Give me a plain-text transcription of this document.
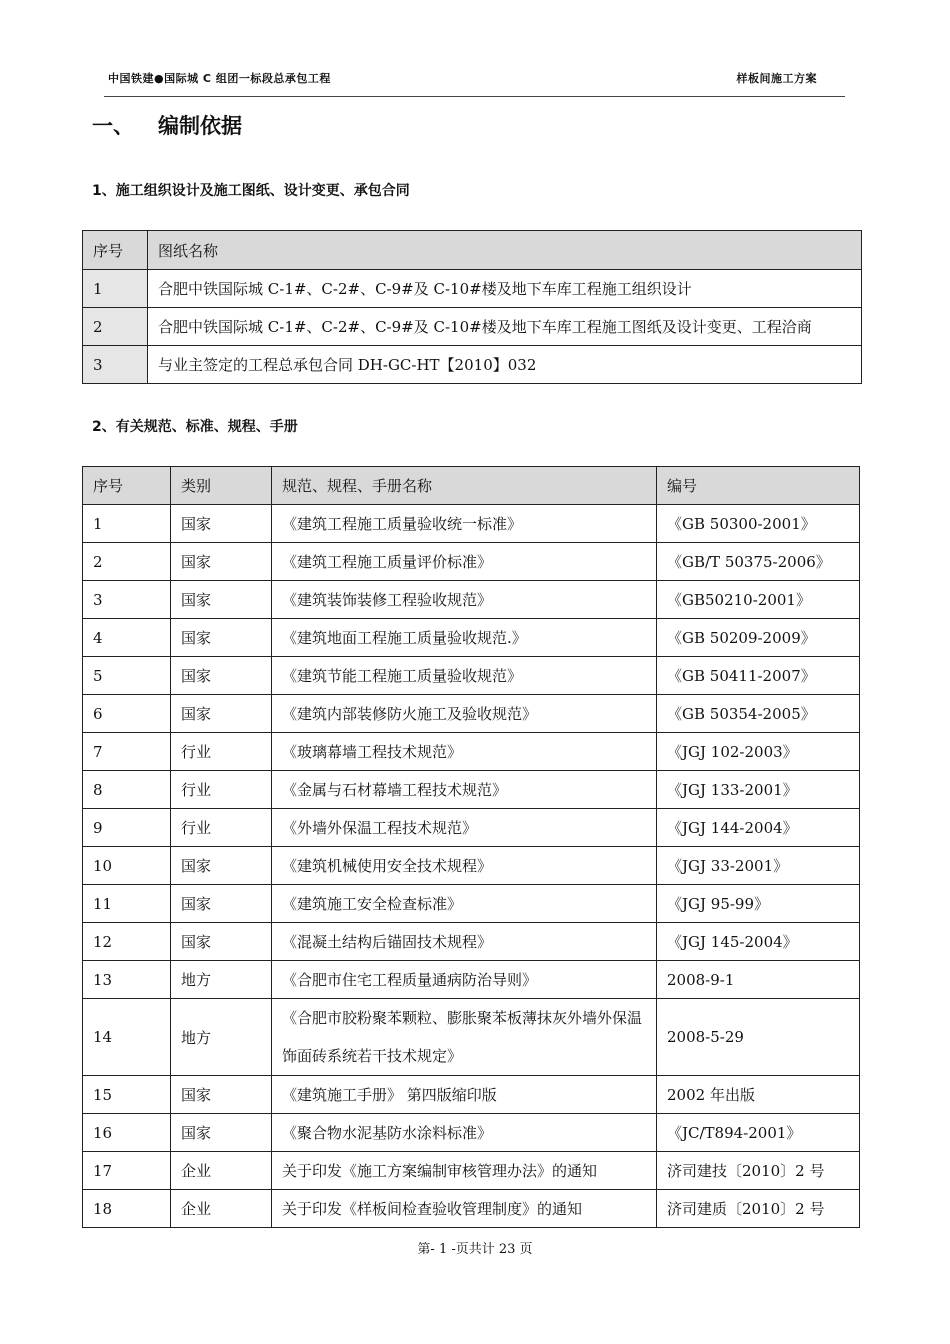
中国铁建●国际城 C 组团一标段总承包工程	样板间施工方案
一、 编制依据
1、施工组织设计及施工图纸、设计变更、承包合同
序号	图纸名称
1	合肥中铁国际城 C-1#、C-2#、C-9#及 C-10#楼及地下车库工程施工组织设计
2	合肥中铁国际城 C-1#、C-2#、C-9#及 C-10#楼及地下车库工程施工图纸及设计变更、工程洽商
3	与业主签定的工程总承包合同 DH-GC-HT【2010】032
2、有关规范、标准、规程、手册
序号	类别	规范、规程、手册名称	编号
1	国家	《建筑工程施工质量验收统一标准》	《GB 50300-2001》
2	国家	《建筑工程施工质量评价标准》	《GB/T 50375-2006》
3	国家	《建筑装饰装修工程验收规范》	《GB50210-2001》
4	国家	《建筑地面工程施工质量验收规范.》	《GB 50209-2009》
5	国家	《建筑节能工程施工质量验收规范》	《GB 50411-2007》
6	国家	《建筑内部装修防火施工及验收规范》	《GB 50354-2005》
7	行业	《玻璃幕墙工程技术规范》	《JGJ 102-2003》
8	行业	《金属与石材幕墙工程技术规范》	《JGJ 133-2001》
9	行业	《外墙外保温工程技术规范》	《JGJ 144-2004》
10	国家	《建筑机械使用安全技术规程》	《JGJ 33-2001》
11	国家	《建筑施工安全检查标准》	《JGJ 95-99》
12	国家	《混凝土结构后锚固技术规程》	《JGJ 145-2004》
13	地方	《合肥市住宅工程质量通病防治导则》	2008-9-1
14	地方	《合肥市胶粉聚苯颗粒、膨胀聚苯板薄抹灰外墙外保温饰面砖系统若干技术规定》	2008-5-29
15	国家	《建筑施工手册》 第四版缩印版	2002 年出版
16	国家	《聚合物水泥基防水涂料标准》	《JC/T894-2001》
17	企业	关于印发《施工方案编制审核管理办法》的通知	济司建技〔2010〕2 号
18	企业	关于印发《样板间检查验收管理制度》的通知	济司建质〔2010〕2 号
第- 1 -页共计 23 页
